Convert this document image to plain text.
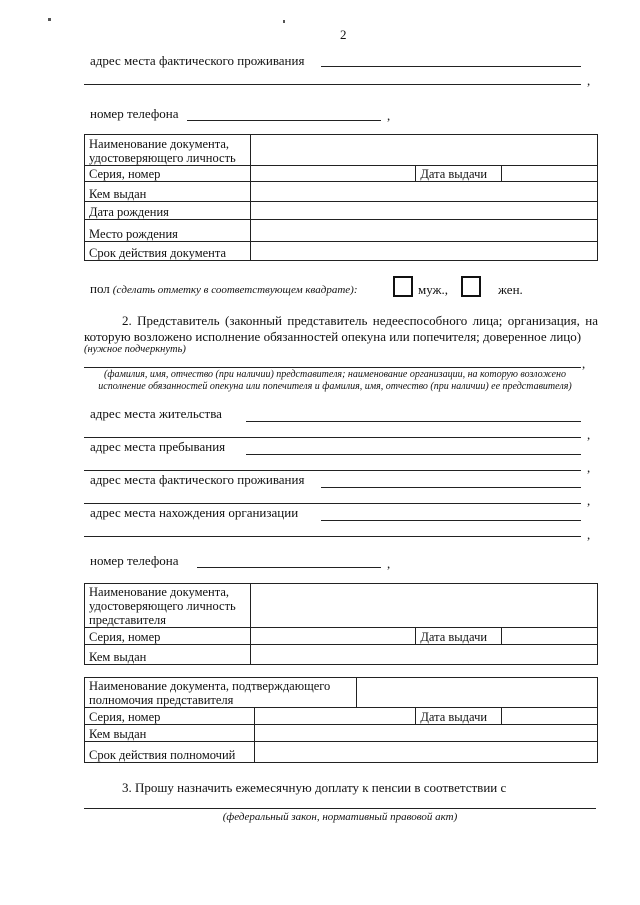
2
адрес места фактического проживания
,
номер телефона	,
Наименование документа, удостоверяющего личность			
Серия, номер		Дата выдачи	
Кем выдан			
Дата рождения			
Место рождения			
Срок действия документа			
пол (сделать отметку в соответствующем квадрате):	муж.,	жен.
2. Представитель (законный представитель недееспособного лица; организация, на которую возложено исполнение обязанностей опекуна или попечителя; доверенное лицо)
(нужное подчеркнуть)
,
(фамилия, имя, отчество (при наличии) представителя; наименование организации, на которую возложено исполнение обязанностей опекуна или попечителя и фамилия, имя, отчество (при наличии) ее представителя)
адрес места жительства
,
адрес места пребывания
,
адрес места фактического проживания
,
адрес места нахождения организации
,
номер телефона	,
Наименование документа, удостоверяющего личность представителя			
Серия, номер		Дата выдачи	
Кем выдан			
Наименование документа, подтверждающего полномочия представителя				
Серия, номер			Дата выдачи	
Кем выдан				
Срок действия полномочий				
3. Прошу назначить ежемесячную доплату к пенсии в соответствии с
(федеральный закон, нормативный правовой акт)
